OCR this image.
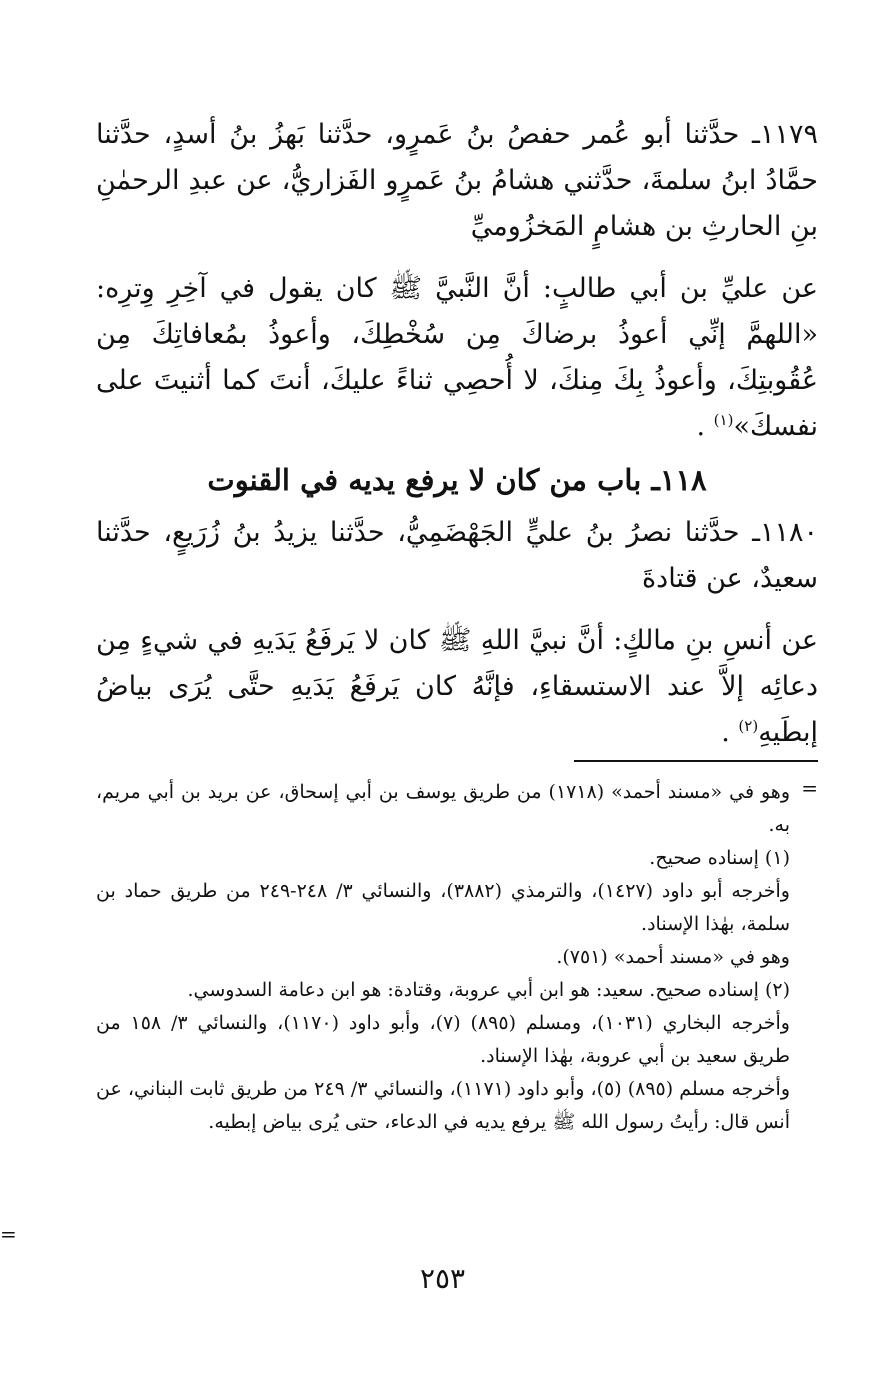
١١٧٩ـ حدَّثنا أبو عُمر حفصُ بنُ عَمرٍو، حدَّثنا بَهزُ بنُ أسدٍ، حدَّثنا حمَّادُ ابنُ سلمةَ، حدَّثني هشامُ بنُ عَمرٍو الفَزاريُّ، عن عبدِ الرحمٰنِ بنِ الحارثِ بن هشامٍ المَخزُوميِّ

عن عليِّ بن أبي طالبٍ: أنَّ النَّبيَّ ﷺ كان يقول في آخِرِ وِترِه: «اللهمَّ إنِّي أعوذُ برضاكَ مِن سُخْطِكَ، وأعوذُ بمُعافاتِكَ مِن عُقُوبتِكَ، وأعوذُ بِكَ مِنكَ، لا أُحصِي ثناءً عليكَ، أنتَ كما أثنيتَ على نفسكَ»$^{(١)}$ .

١١٨ـ باب من كان لا يرفع يديه في القنوت

١١٨٠ـ حدَّثنا نصرُ بنُ عليٍّ الجَهْضَمِيُّ، حدَّثنا يزيدُ بنُ زُرَيعٍ، حدَّثنا سعيدٌ، عن قتادةَ

عن أنسِ بنِ مالكٍ: أنَّ نبيَّ اللهِ ﷺ كان لا يَرفَعُ يَدَيهِ في شيءٍ مِن دعائِه إلاَّ عند الاستسقاءِ، فإنَّهُ كان يَرفَعُ يَدَيهِ حتَّى يُرَى بياضُ إبطَيهِ$^{(٢)}$ .

=

وهو في «مسند أحمد» (١٧١٨) من طريق يوسف بن أبي إسحاق، عن بريد بن أبي مريم، به.

(١) إسناده صحيح.

وأخرجه أبو داود (١٤٢٧)، والترمذي (٣٨٨٢)، والنسائي ٣/ ٢٤٨-٢٤٩ من طريق حماد بن سلمة، بهٰذا الإسناد.

وهو في «مسند أحمد» (٧٥١).

(٢) إسناده صحيح. سعيد: هو ابن أبي عروبة، وقتادة: هو ابن دعامة السدوسي.

وأخرجه البخاري (١٠٣١)، ومسلم (٨٩٥) (٧)، وأبو داود (١١٧٠)، والنسائي ٣/ ١٥٨ من طريق سعيد بن أبي عروبة، بهٰذا الإسناد.

وأخرجه مسلم (٨٩٥) (٥)، وأبو داود (١١٧١)، والنسائي ٣/ ٢٤٩ من طريق ثابت البناني، عن أنس قال: رأيتُ رسول الله ﷺ يرفع يديه في الدعاء، حتى يُرى بياض إبطيه.

=
٢٥٣
